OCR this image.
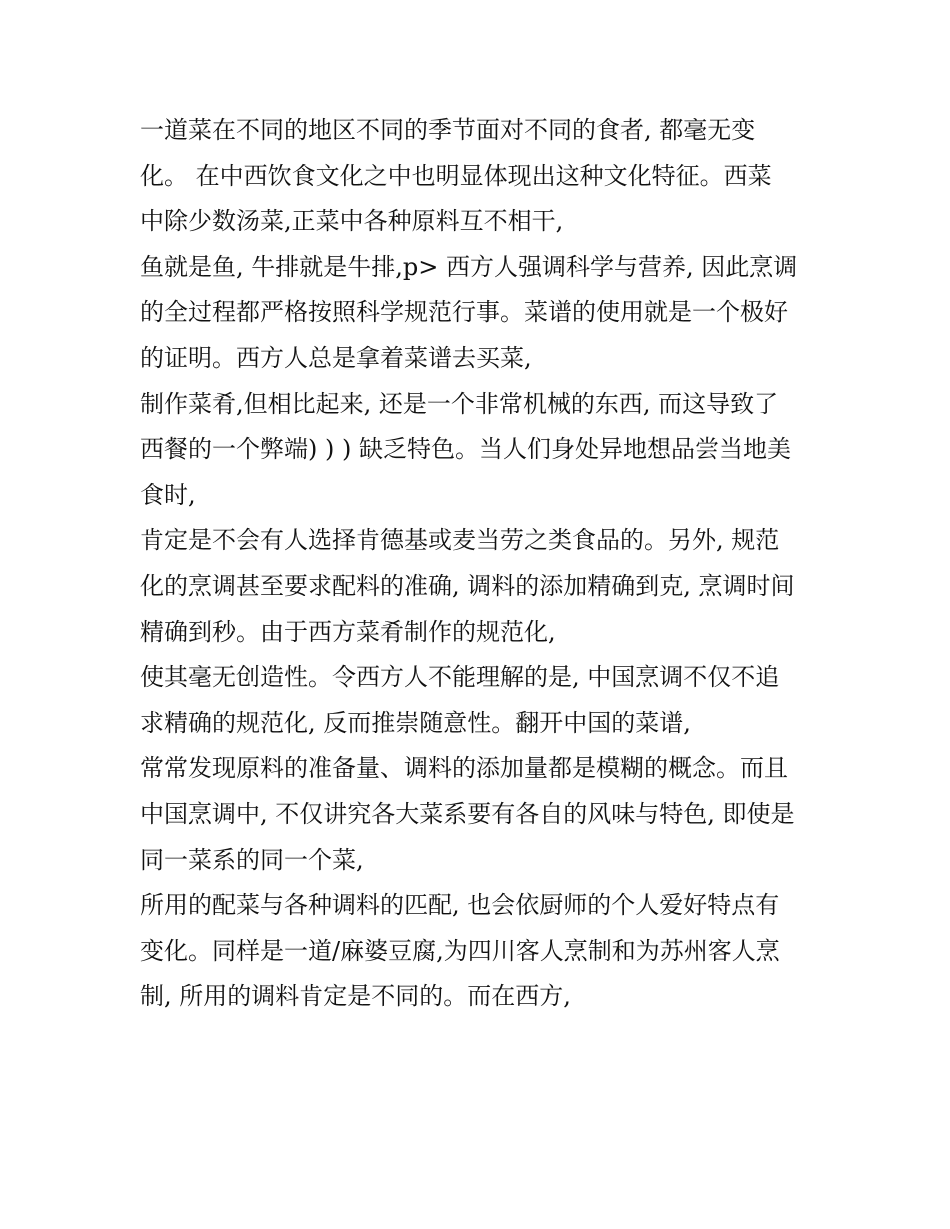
一道菜在不同的地区不同的季节面对不同的食者, 都毫无变
化。 在中西饮食文化之中也明显体现出这种文化特征。西菜
中除少数汤菜,正菜中各种原料互不相干,
鱼就是鱼, 牛排就是牛排,p> 西方人强调科学与营养, 因此烹调
的全过程都严格按照科学规范行事。菜谱的使用就是一个极好
的证明。西方人总是拿着菜谱去买菜,
制作菜肴,但相比起来, 还是一个非常机械的东西, 而这导致了
西餐的一个弊端) ) ) 缺乏特色。当人们身处异地想品尝当地美
食时,
肯定是不会有人选择肯德基或麦当劳之类食品的。另外, 规范
化的烹调甚至要求配料的准确, 调料的添加精确到克, 烹调时间
精确到秒。由于西方菜肴制作的规范化,
使其毫无创造性。令西方人不能理解的是, 中国烹调不仅不追
求精确的规范化, 反而推崇随意性。翻开中国的菜谱,
常常发现原料的准备量、调料的添加量都是模糊的概念。而且
中国烹调中, 不仅讲究各大菜系要有各自的风味与特色, 即使是
同一菜系的同一个菜,
所用的配菜与各种调料的匹配, 也会依厨师的个人爱好特点有
变化。同样是一道/麻婆豆腐,为四川客人烹制和为苏州客人烹
制, 所用的调料肯定是不同的。而在西方,
